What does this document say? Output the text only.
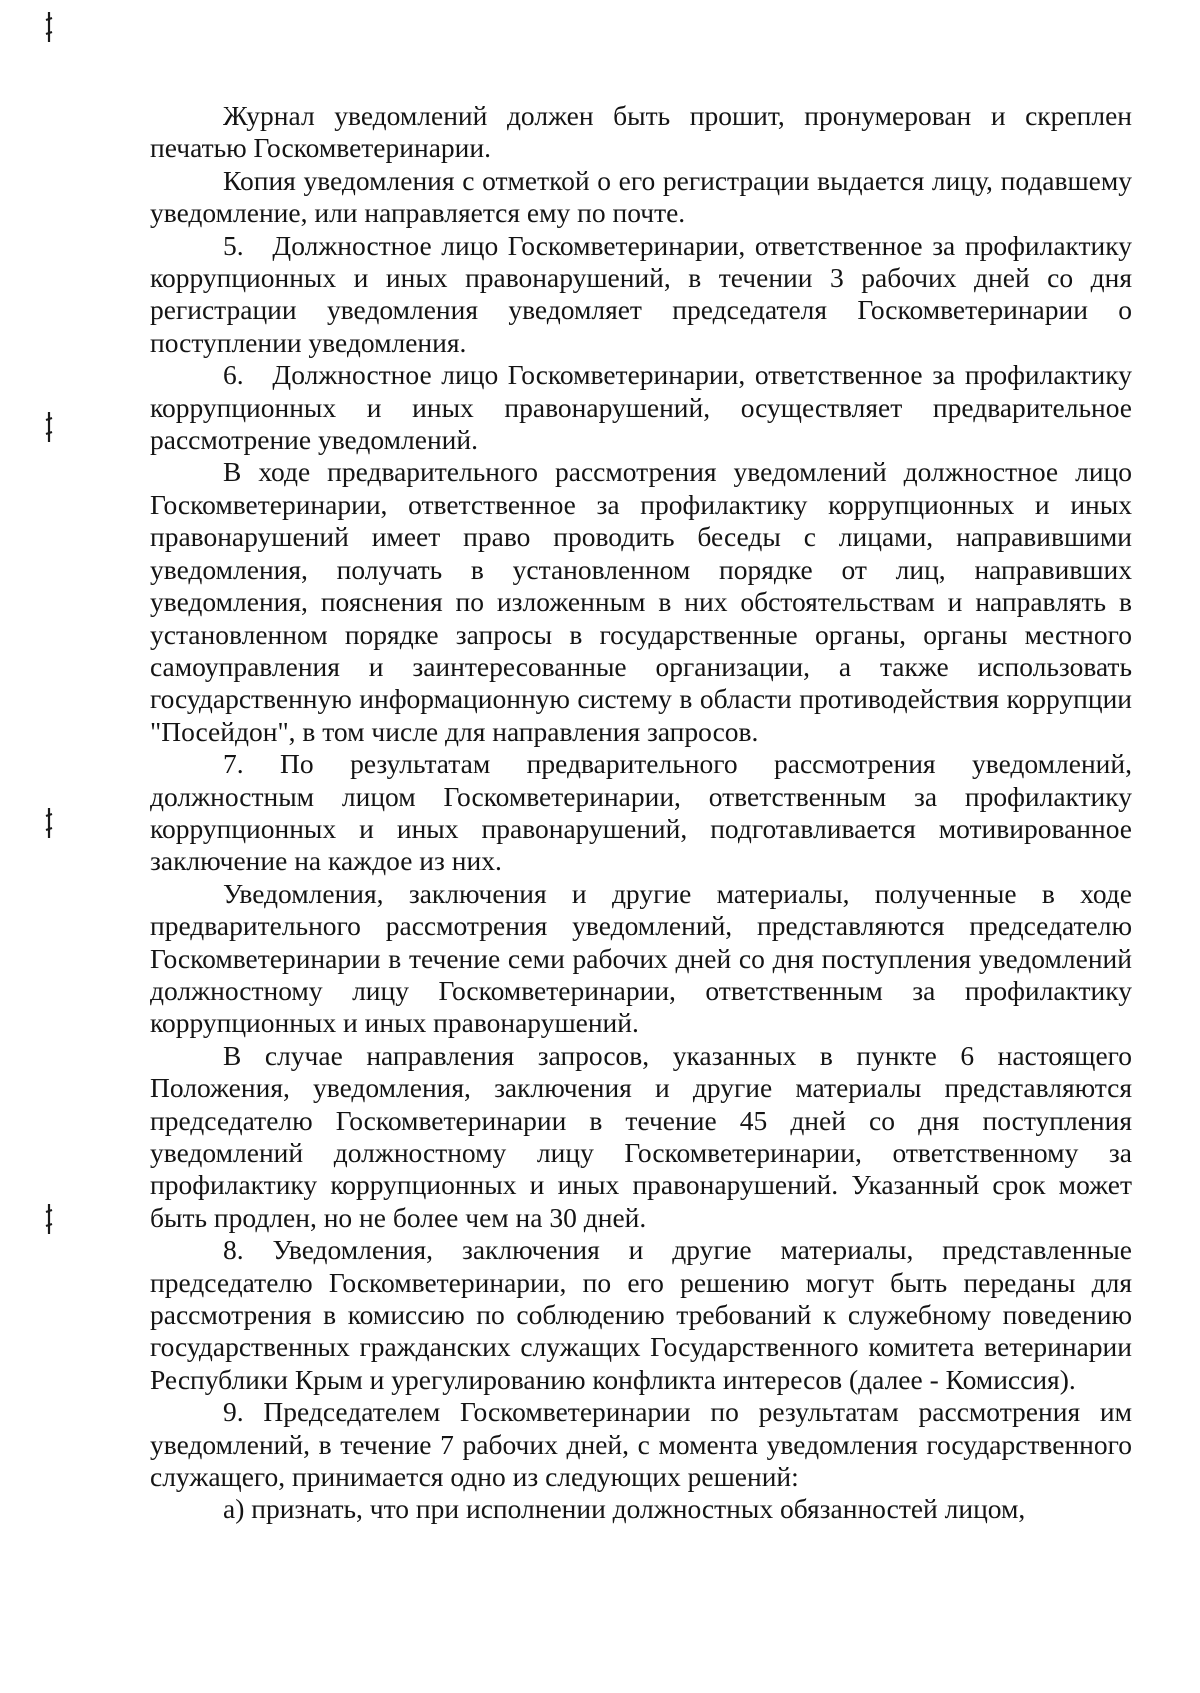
Журнал уведомлений должен быть прошит, пронумерован и скреплен печатью Госкомветеринарии.

Копия уведомления с отметкой о его регистрации выдается лицу, подавшему уведомление, или направляется ему по почте.

5.   Должностное лицо Госкомветеринарии, ответственное за профилактику коррупционных и иных правонарушений, в течении 3 рабочих дней со дня регистрации уведомления уведомляет председателя Госкомветеринарии о поступлении уведомления.

6.   Должностное лицо Госкомветеринарии, ответственное за профилактику коррупционных и иных правонарушений, осуществляет предварительное рассмотрение уведомлений.

В ходе предварительного рассмотрения уведомлений должностное лицо Госкомветеринарии, ответственное за профилактику коррупционных и иных правонарушений имеет право проводить беседы с лицами, направившими уведомления, получать в установленном порядке от лиц, направивших уведомления, пояснения по изложенным в них обстоятельствам и направлять в установленном порядке запросы в государственные органы, органы местного самоуправления и заинтересованные организации, а также использовать государственную информационную систему в области противодействия коррупции "Посейдон", в том числе для направления запросов.

7. По результатам предварительного рассмотрения уведомлений, должностным лицом Госкомветеринарии, ответственным за профилактику коррупционных и иных правонарушений, подготавливается мотивированное заключение на каждое из них.

Уведомления, заключения и другие материалы, полученные в ходе предварительного рассмотрения уведомлений, представляются председателю Госкомветеринарии в течение семи рабочих дней со дня поступления уведомлений должностному лицу Госкомветеринарии, ответственным за профилактику коррупционных и иных правонарушений.

В случае направления запросов, указанных в пункте 6 настоящего Положения, уведомления, заключения и другие материалы представляются председателю Госкомветеринарии в течение 45 дней со дня поступления уведомлений должностному лицу Госкомветеринарии, ответственному за профилактику коррупционных и иных правонарушений. Указанный срок может быть продлен, но не более чем на 30 дней.

8. Уведомления, заключения и другие материалы, представленные председателю Госкомветеринарии, по его решению могут быть переданы для рассмотрения в комиссию по соблюдению требований к служебному поведению государственных гражданских служащих Государственного комитета ветеринарии Республики Крым и урегулированию конфликта интересов (далее - Комиссия).

9. Председателем Госкомветеринарии по результатам рассмотрения им уведомлений, в течение 7 рабочих дней, с момента уведомления государственного служащего, принимается одно из следующих решений:

а) признать, что при исполнении должностных обязанностей лицом,
